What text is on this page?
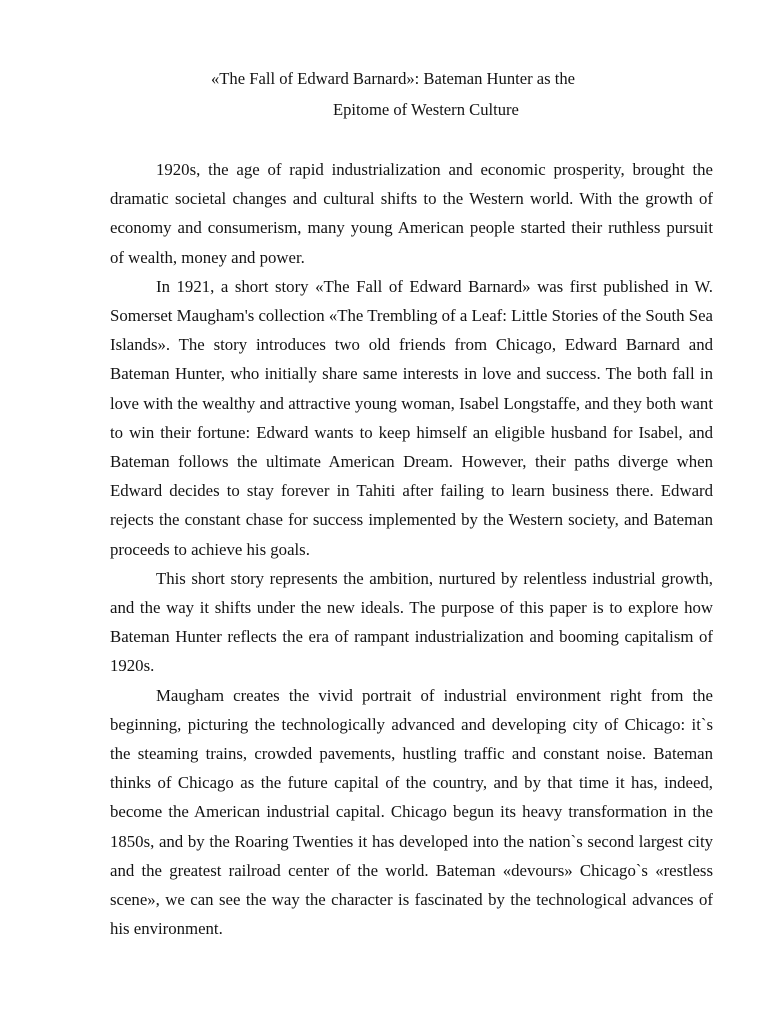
«The Fall of Edward Barnard»: Bateman Hunter as the
Epitome of Western Culture

1920s, the age of rapid industrialization and economic prosperity, brought the dramatic societal changes and cultural shifts to the Western world. With the growth of economy and consumerism, many young American people started their ruthless pursuit of wealth, money and power.

In 1921, a short story «The Fall of Edward Barnard» was first published in W. Somerset Maugham's collection «The Trembling of a Leaf: Little Stories of the South Sea Islands». The story introduces two old friends from Chicago, Edward Barnard and Bateman Hunter, who initially share same interests in love and success. The both fall in love with the wealthy and attractive young woman, Isabel Longstaffe, and they both want to win their fortune: Edward wants to keep himself an eligible husband for Isabel, and Bateman follows the ultimate American Dream. However, their paths diverge when Edward decides to stay forever in Tahiti after failing to learn business there. Edward rejects the constant chase for success implemented by the Western society, and Bateman proceeds to achieve his goals.

This short story represents the ambition, nurtured by relentless industrial growth, and the way it shifts under the new ideals. The purpose of this paper is to explore how Bateman Hunter reflects the era of rampant industrialization and booming capitalism of 1920s.

Maugham creates the vivid portrait of industrial environment right from the beginning, picturing the technologically advanced and developing city of Chicago: it`s the steaming trains, crowded pavements, hustling traffic and constant noise. Bateman thinks of Chicago as the future capital of the country, and by that time it has, indeed, become the American industrial capital. Chicago begun its heavy transformation in the 1850s, and by the Roaring Twenties it has developed into the nation`s second largest city and the greatest railroad center of the world. Bateman «devours» Chicago`s «restless scene», we can see the way the character is fascinated by the technological advances of his environment.
